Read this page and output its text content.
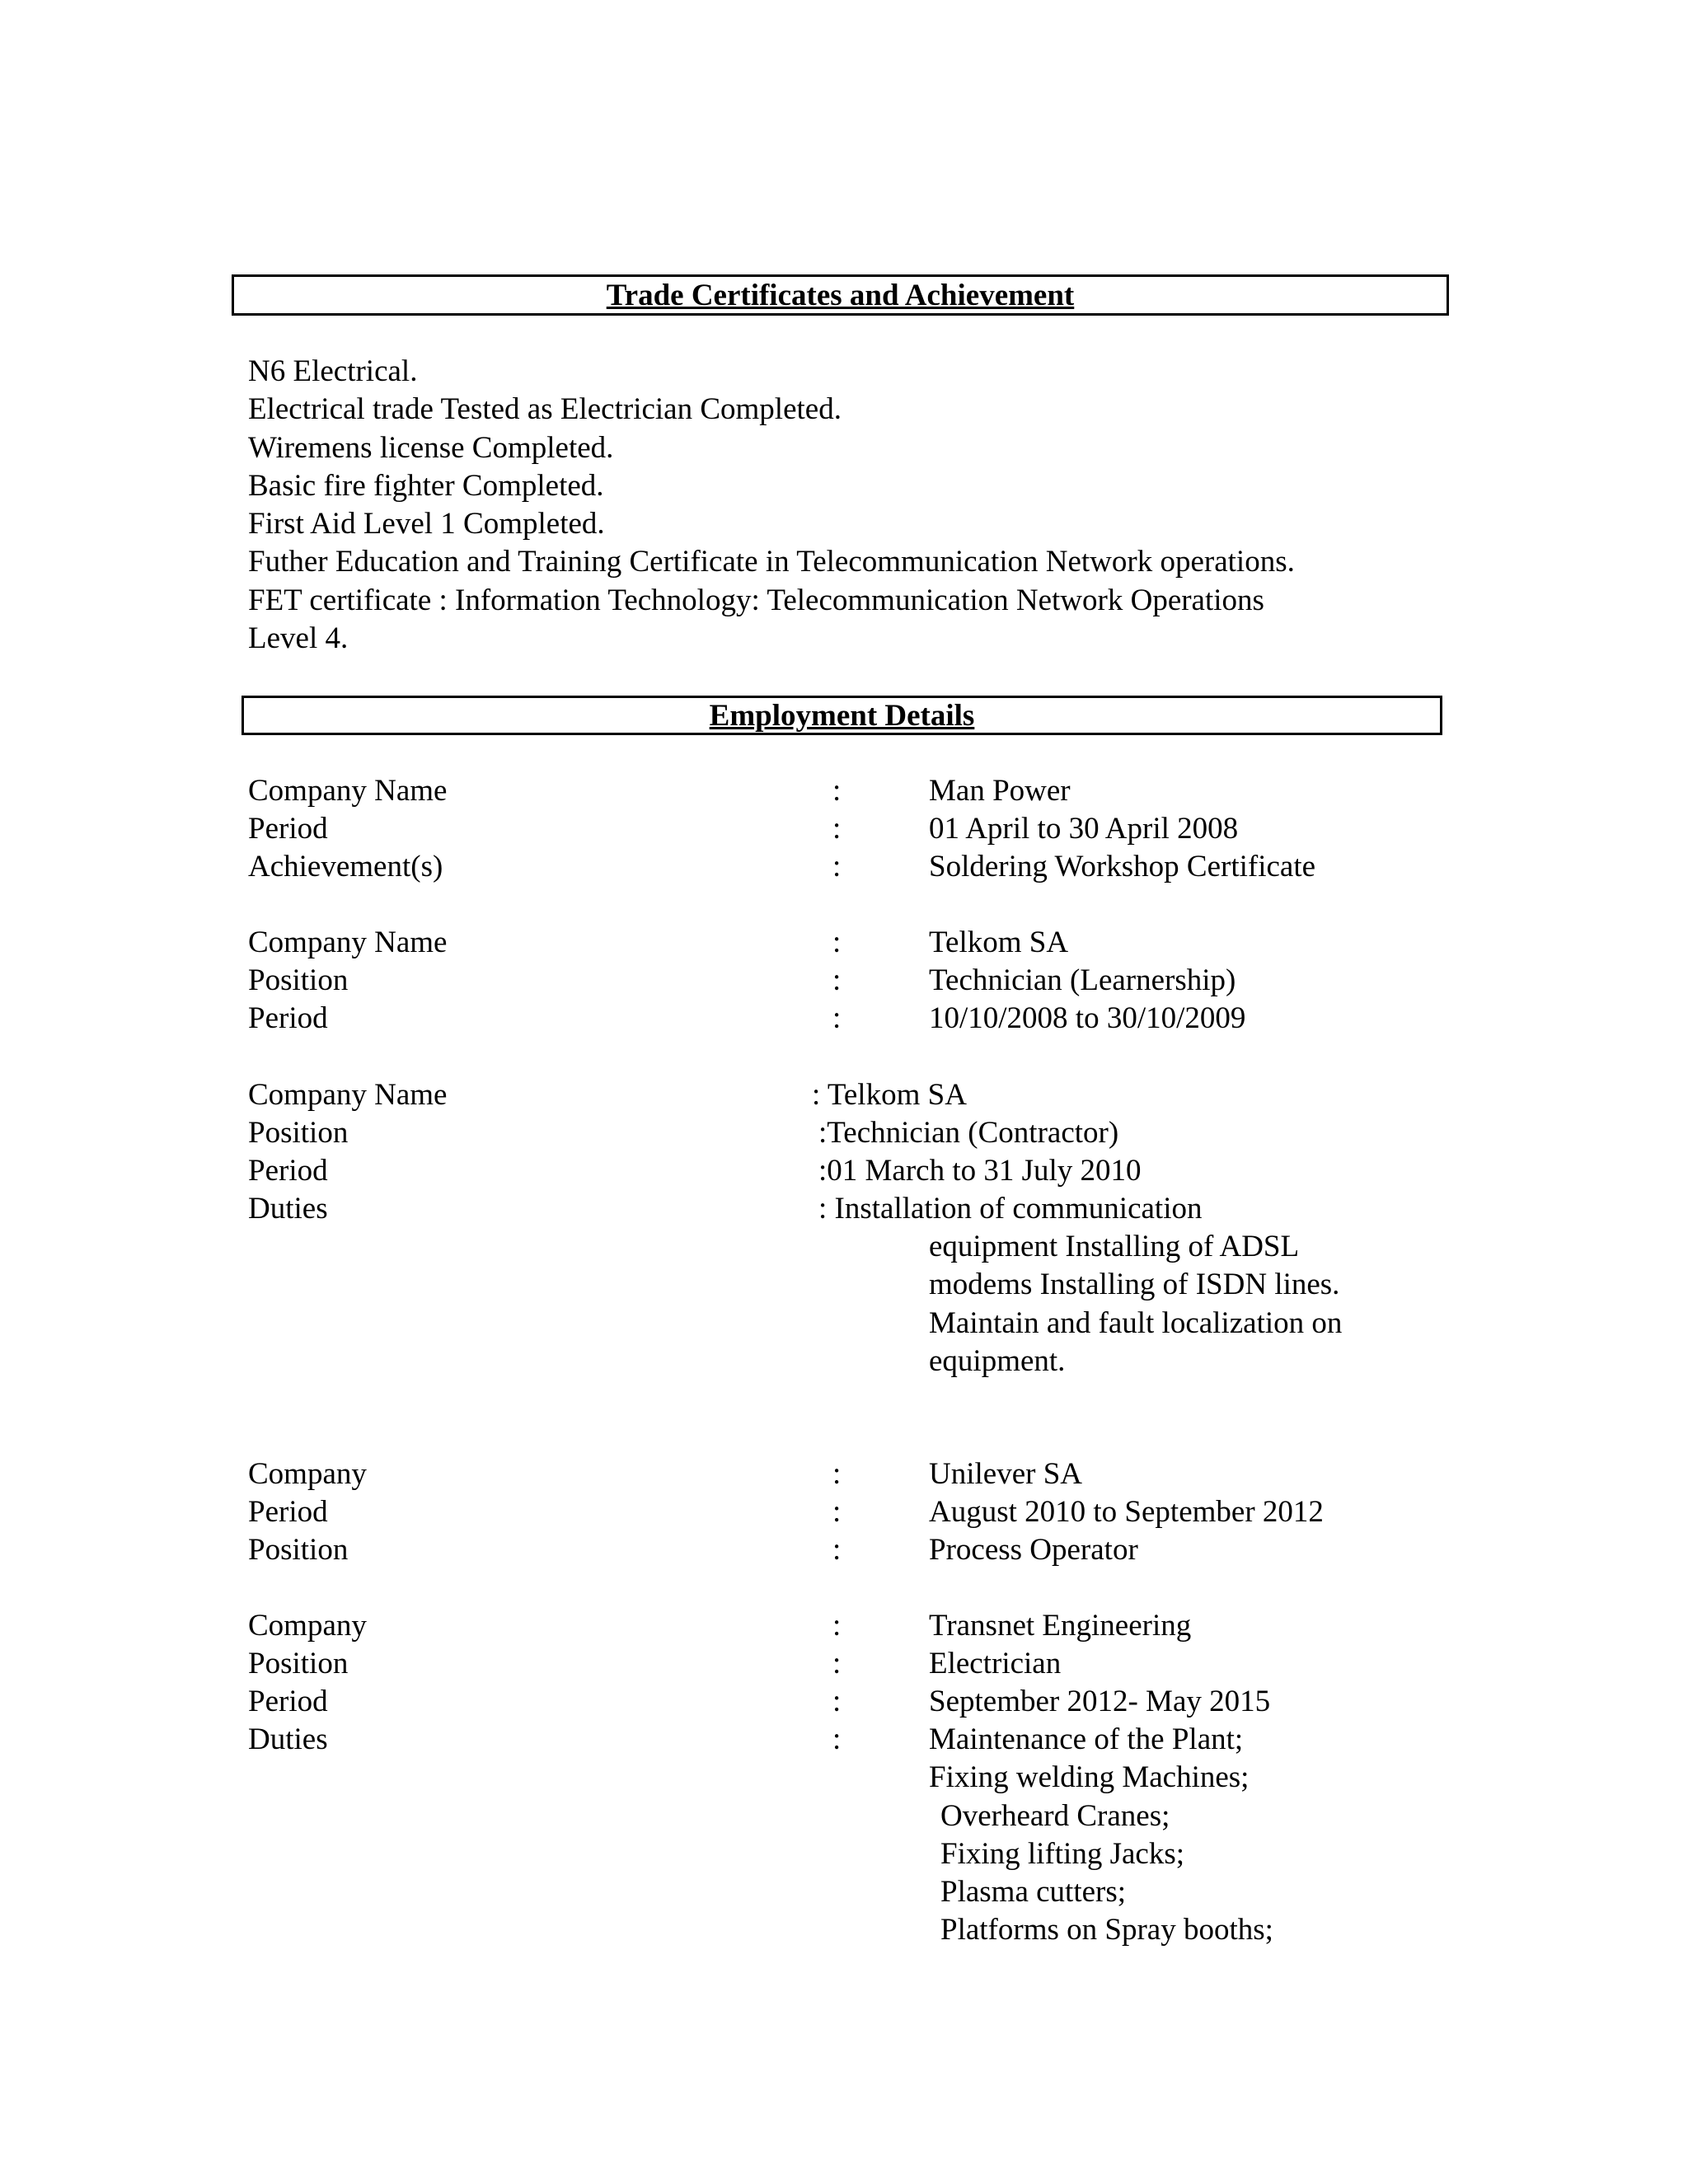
Trade Certificates and Achievement
N6 Electrical.
Electrical trade Tested as Electrician Completed.
Wiremens license Completed.
Basic fire fighter Completed.
First Aid Level 1 Completed.
Futher Education and Training Certificate in Telecommunication Network operations.
FET certificate : Information Technology: Telecommunication Network Operations
Level 4.
Employment Details
Company Name	:	Man Power
Period	:	01 April to 30 April 2008
Achievement(s)	:	Soldering Workshop Certificate
Company Name	:	Telkom SA
Position	:	Technician (Learnership)
Period	:	10/10/2008 to 30/10/2009
Company Name	: Telkom SA
Position	:Technician (Contractor)
Period	:01 March to 31 July 2010
Duties	: Installation of communication
equipment Installing of ADSL
modems Installing of ISDN lines.
Maintain and fault localization on
equipment.
Company	:	Unilever SA
Period	:	August 2010 to September 2012
Position	:	Process Operator
Company	:	Transnet Engineering
Position	:	Electrician
Period	:	September 2012- May 2015
Duties	:	Maintenance of the Plant;
Fixing welding Machines;
Overheard Cranes;
Fixing lifting Jacks;
Plasma cutters;
Platforms on Spray booths;
